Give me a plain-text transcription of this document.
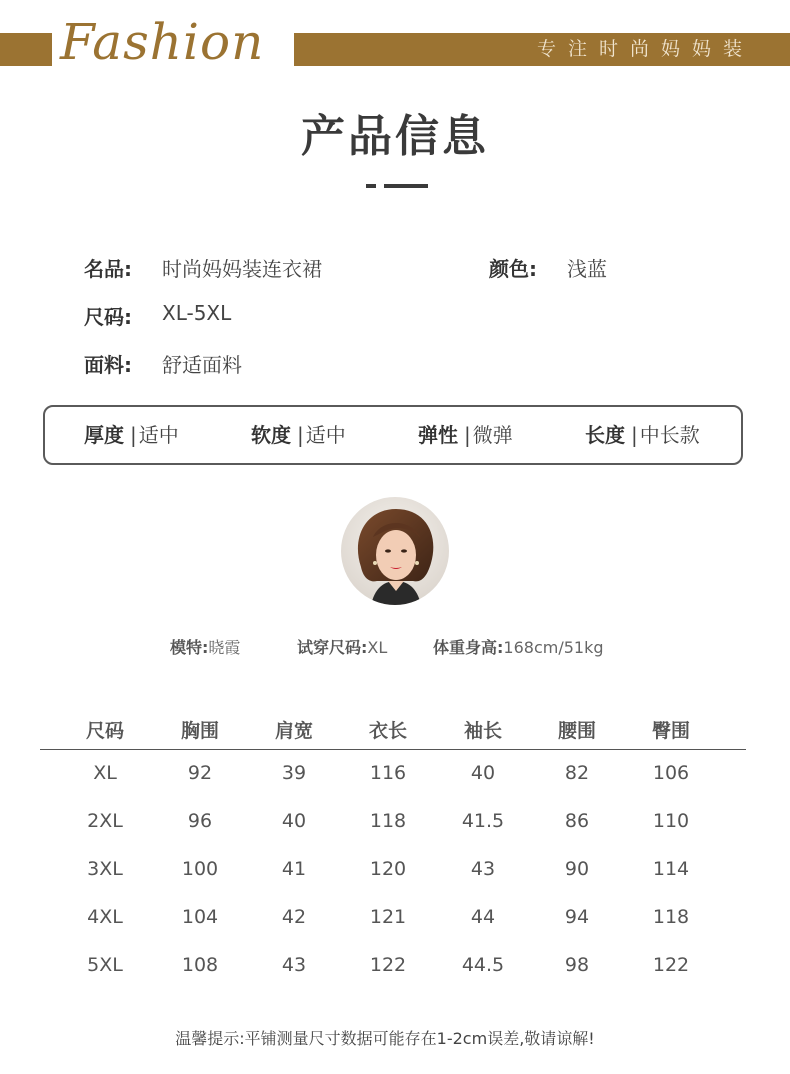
Fashion	专注时尚妈妈装
产品信息
名品: 时尚妈妈装连衣裙	颜色: 浅蓝
尺码: XL-5XL
面料: 舒适面料
厚度 | 适中	软度 | 适中	弹性 | 微弹	长度 | 中长款
模特:晓霞	试穿尺码:XL	体重身高:168cm/51kg
尺码	胸围	肩宽	衣长	袖长	腰围	臀围
XL	92	39	116	40	82	106
2XL	96	40	118	41.5	86	110
3XL	100	41	120	43	90	114
4XL	104	42	121	44	94	118
5XL	108	43	122	44.5	98	122
温馨提示:平铺测量尺寸数据可能存在1-2cm误差,敬请谅解!
